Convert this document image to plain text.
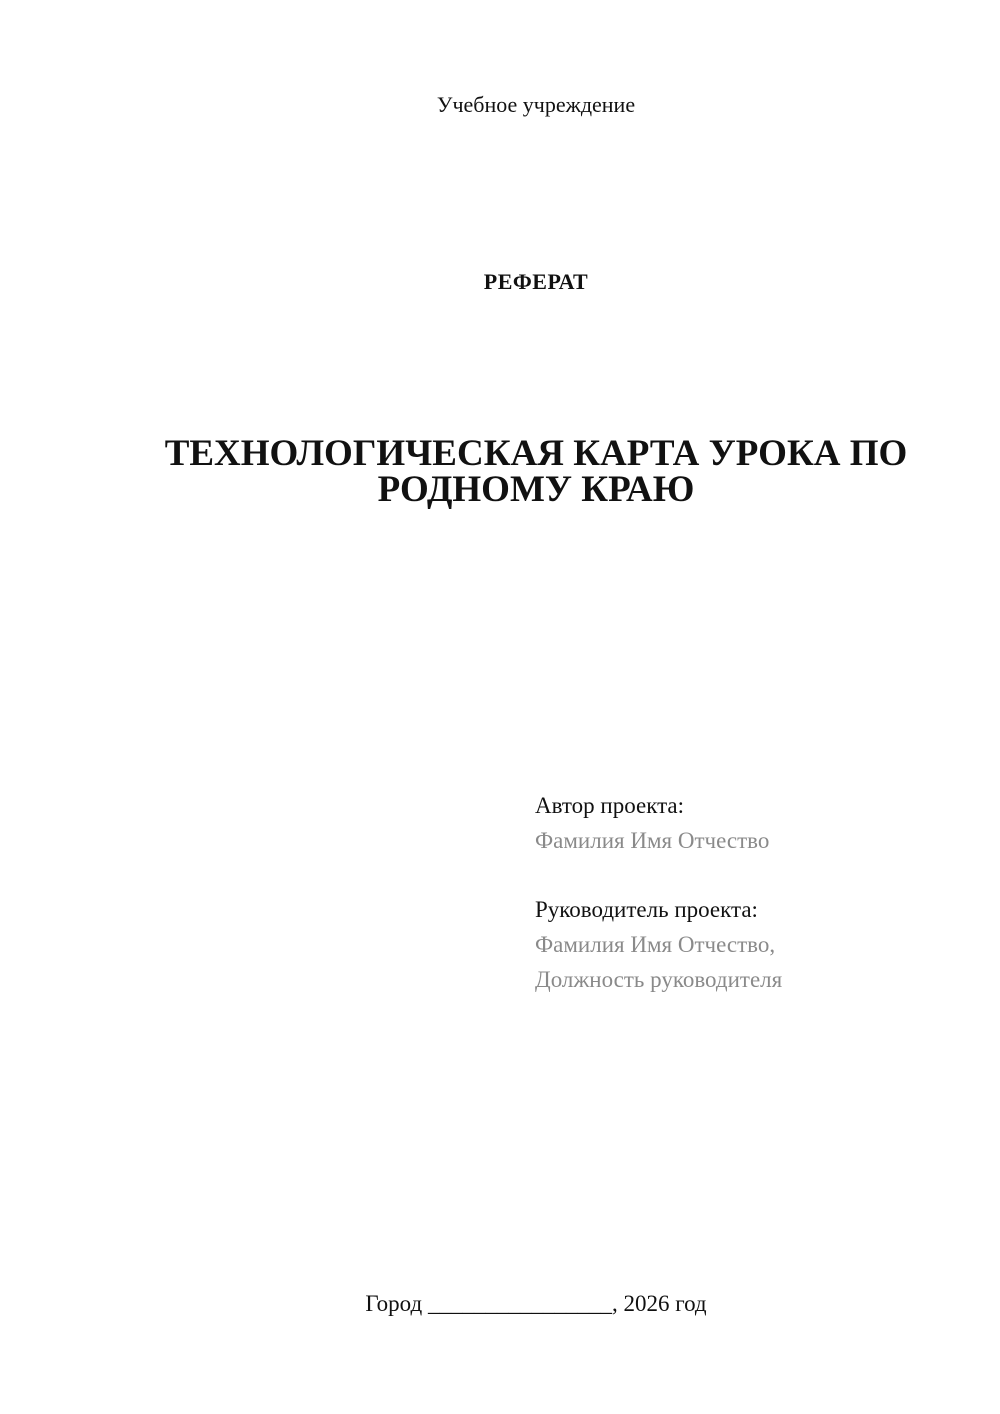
Учебное учреждение
РЕФЕРАТ
ТЕХНОЛОГИЧЕСКАЯ КАРТА УРОКА ПО
РОДНОМУ КРАЮ
Автор проекта:
Фамилия Имя Отчество
Руководитель проекта:
Фамилия Имя Отчество,
Должность руководителя
Город ________________, 2026 год
